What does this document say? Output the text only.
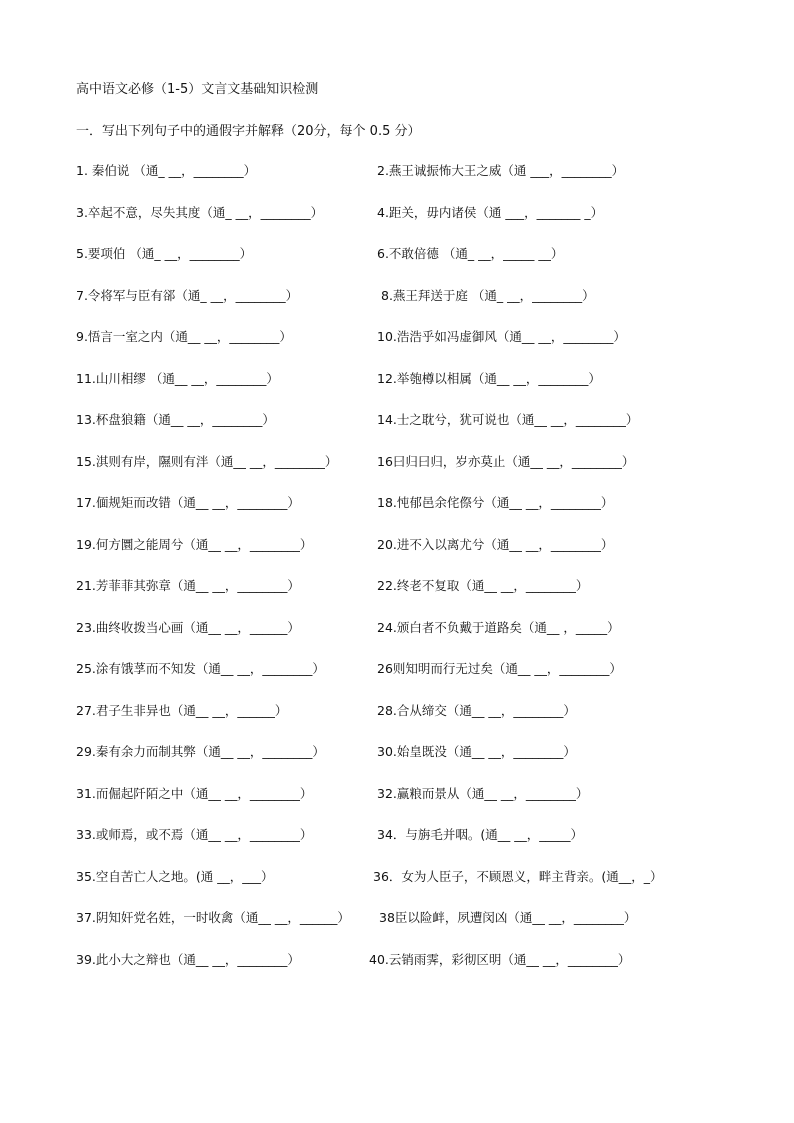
高中语文必修（1-5）文言文基础知识检测
一．写出下列句子中的通假字并解释（20分，每个 0.5 分）
1. 秦伯说 （通_ __，________）	2.燕王诚振怖大王之威（通 ___，________）
3.卒起不意，尽失其度（通_ __，________）	4.距关，毋内诸侯（通 ___，_______ _）
5.要项伯 （通_ __，________）	6.不敢倍德 （通_ __，_____ __）
7.令将军与臣有郤（通_ __，________）	8.燕王拜送于庭 （通_ __，________）
9.悟言一室之内（通__ __，________）	10.浩浩乎如冯虚御风（通__ __，________）
11.山川相缪 （通__ __，________）	12.举匏樽以相属（通__ __，________）
13.杯盘狼籍（通__ __，________）	14.士之耽兮，犹可说也（通__ __，________）
15.淇则有岸，隰则有泮（通__ __，________）	16曰归曰归，岁亦莫止（通__ __，________）
17.偭规矩而改错（通__ __，________）	18.忳郁邑余侘傺兮（通__ __，________）
19.何方圜之能周兮（通__ __，________）	20.进不入以离尤兮（通__ __，________）
21.芳菲菲其弥章（通__ __，________）	22.终老不复取（通__ __，________）
23.曲终收拨当心画（通__ __，______）	24.颁白者不负戴于道路矣（通__ ，_____）
25.涂有饿莩而不知发（通__ __，________）	26则知明而行无过矣（通__ __，________）
27.君子生非异也（通__ __，______）	28.合从缔交（通__ __，________）
29.秦有余力而制其弊（通__ __，________）	30.始皇既没（通__ __，________）
31.而倔起阡陌之中（通__ __，________）	32.赢粮而景从（通__ __，________）
33.或师焉，或不焉（通__ __，________）	34．与旃毛并咽。(通__ __，_____）
35.空自苦亡人之地。(通 __，___）	36．女为人臣子，不顾恩义，畔主背亲。(通__，_）
37.阴知奸党名姓，一时收禽（通__ __，______） 38臣以险衅，夙遭闵凶（通__ __，________）
39.此小大之辩也（通__ __，________）	40.云销雨霁，彩彻区明（通__ __，________）
